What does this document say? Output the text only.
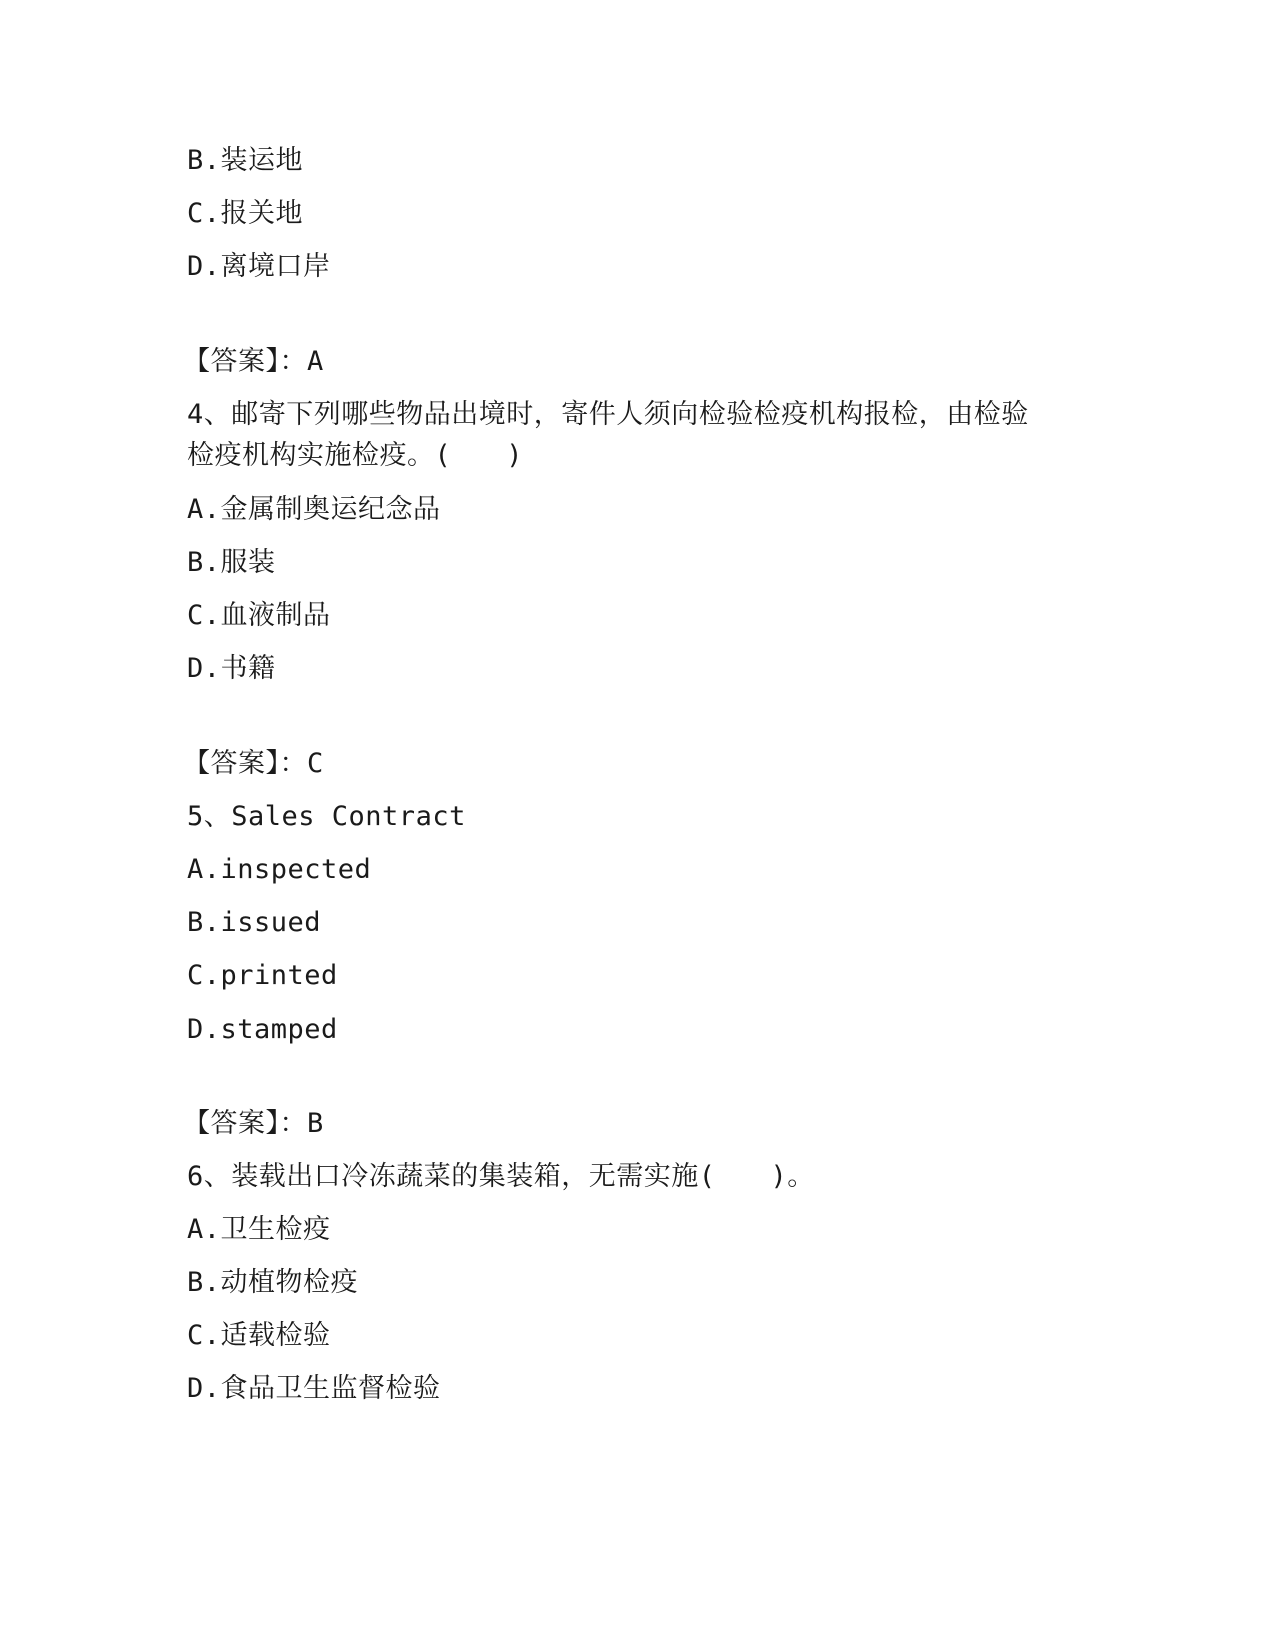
B.装运地
C.报关地
D.离境口岸
【答案】：A
4、邮寄下列哪些物品出境时，寄件人须向检验检疫机构报检，由检验
检疫机构实施检疫。(　　)
A.金属制奥运纪念品
B.服装
C.血液制品
D.书籍
【答案】：C
5、Sales Contract
A.inspected
B.issued
C.printed
D.stamped
【答案】：B
6、装载出口冷冻蔬菜的集装箱，无需实施(　　)。
A.卫生检疫
B.动植物检疫
C.适载检验
D.食品卫生监督检验
